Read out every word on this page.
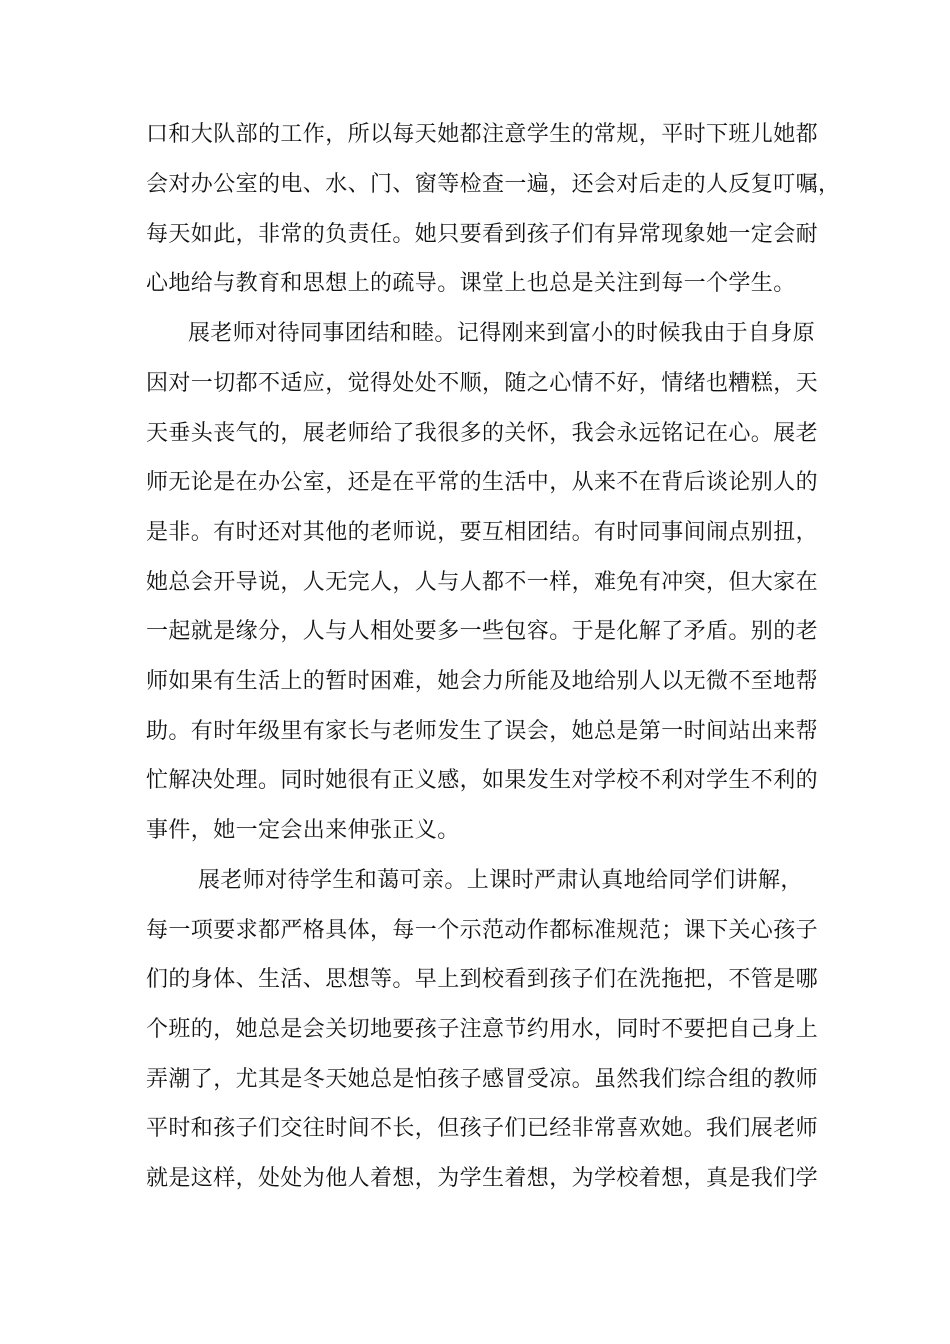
口和大队部的工作，所以每天她都注意学生的常规，平时下班儿她都
会对办公室的电、水、门、窗等检查一遍，还会对后走的人反复叮嘱，
每天如此，非常的负责任。她只要看到孩子们有异常现象她一定会耐
心地给与教育和思想上的疏导。课堂上也总是关注到每一个学生。
展老师对待同事团结和睦。记得刚来到富小的时候我由于自身原
因对一切都不适应，觉得处处不顺，随之心情不好，情绪也糟糕，天
天垂头丧气的，展老师给了我很多的关怀，我会永远铭记在心。展老
师无论是在办公室，还是在平常的生活中，从来不在背后谈论别人的
是非。有时还对其他的老师说，要互相团结。有时同事间闹点别扭，
她总会开导说，人无完人，人与人都不一样，难免有冲突，但大家在
一起就是缘分，人与人相处要多一些包容。于是化解了矛盾。别的老
师如果有生活上的暂时困难，她会力所能及地给别人以无微不至地帮
助。有时年级里有家长与老师发生了误会，她总是第一时间站出来帮
忙解决处理。同时她很有正义感，如果发生对学校不利对学生不利的
事件，她一定会出来伸张正义。
展老师对待学生和蔼可亲。上课时严肃认真地给同学们讲解，
每一项要求都严格具体，每一个示范动作都标准规范；课下关心孩子
们的身体、生活、思想等。早上到校看到孩子们在洗拖把，不管是哪
个班的，她总是会关切地要孩子注意节约用水，同时不要把自己身上
弄潮了，尤其是冬天她总是怕孩子感冒受凉。虽然我们综合组的教师
平时和孩子们交往时间不长，但孩子们已经非常喜欢她。我们展老师
就是这样，处处为他人着想，为学生着想，为学校着想，真是我们学
